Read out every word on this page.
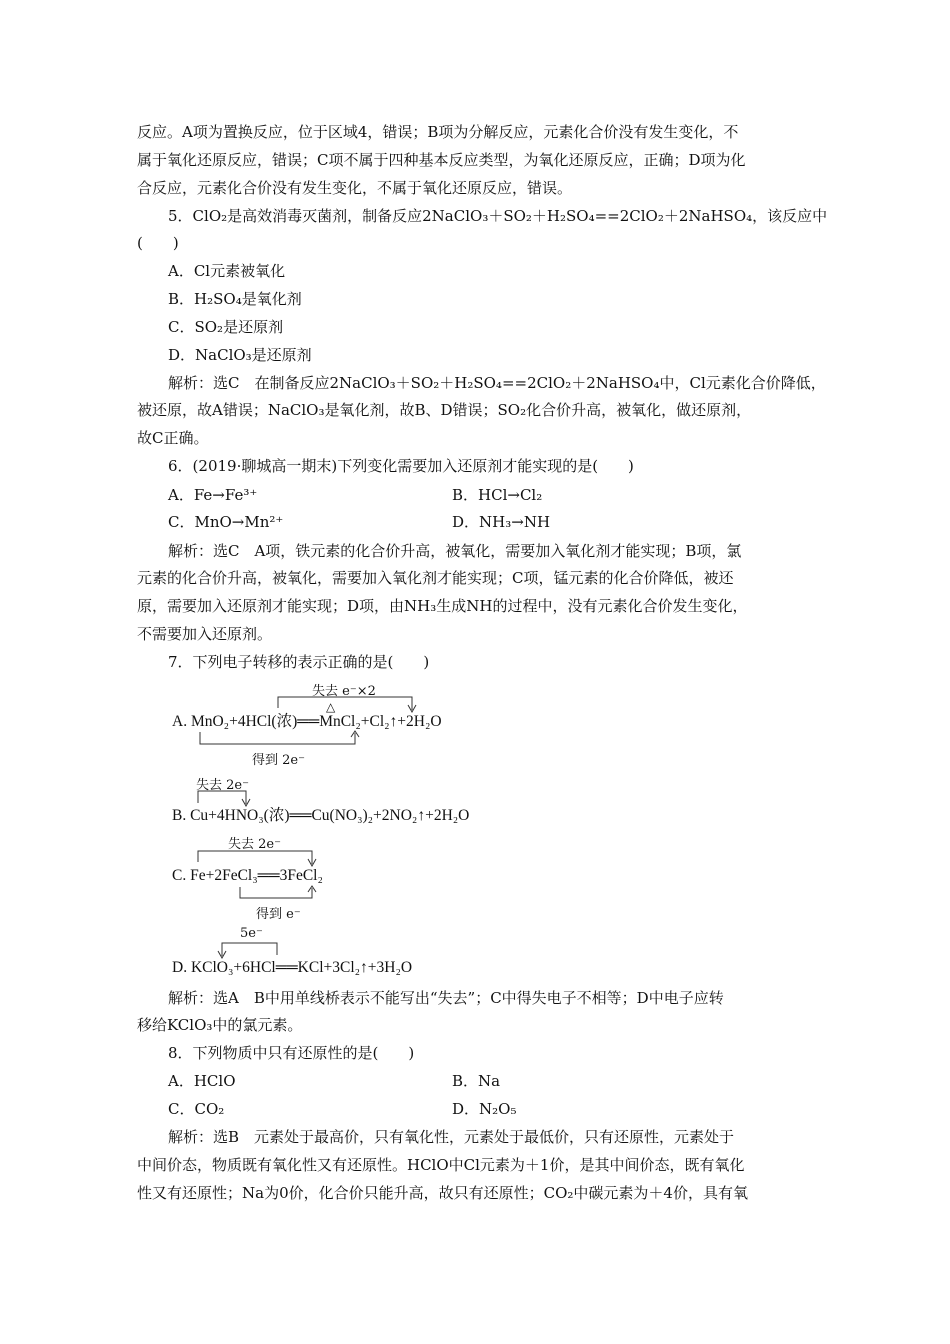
反应。A项为置换反应，位于区域4，错误；B项为分解反应，元素化合价没有发生变化，不
属于氧化还原反应，错误；C项不属于四种基本反应类型，为氧化还原反应，正确；D项为化
合反应，元素化合价没有发生变化，不属于氧化还原反应，错误。
5．ClO₂是高效消毒灭菌剂，制备反应2NaClO₃＋SO₂＋H₂SO₄==2ClO₂＋2NaHSO₄，该反应中
(　　)
A．Cl元素被氧化
B．H₂SO₄是氧化剂
C．SO₂是还原剂
D．NaClO₃是还原剂
解析：选C　在制备反应2NaClO₃＋SO₂＋H₂SO₄==2ClO₂＋2NaHSO₄中，Cl元素化合价降低，
被还原，故A错误；NaClO₃是氧化剂，故B、D错误；SO₂化合价升高，被氧化，做还原剂，
故C正确。
6．(2019·聊城高一期末)下列变化需要加入还原剂才能实现的是(　　)
A．Fe→Fe³⁺	B．HCl→Cl₂
C．MnO→Mn²⁺	D．NH₃→NH
解析：选C　A项，铁元素的化合价升高，被氧化，需要加入氧化剂才能实现；B项，氯
元素的化合价升高，被氧化，需要加入氧化剂才能实现；C项，锰元素的化合价降低，被还
原，需要加入还原剂才能实现；D项，由NH₃生成NH的过程中，没有元素化合价发生变化，
不需要加入还原剂。
7．下列电子转移的表示正确的是(　　)
失去 e⁻×2
△
A. MnO₂+4HCl(浓)══MnCl₂+Cl₂↑+2H₂O
得到 2e⁻
失去 2e⁻
B. Cu+4HNO₃(浓)══Cu(NO₃)₂+2NO₂↑+2H₂O
失去 2e⁻
C. Fe+2FeCl₃══3FeCl₂
得到 e⁻
5e⁻
D. KClO₃+6HCl══KCl+3Cl₂↑+3H₂O
解析：选A　B中用单线桥表示不能写出“失去”；C中得失电子不相等；D中电子应转
移给KClO₃中的氯元素。
8．下列物质中只有还原性的是(　　)
A．HClO	B．Na
C．CO₂	D．N₂O₅
解析：选B　元素处于最高价，只有氧化性，元素处于最低价，只有还原性，元素处于
中间价态，物质既有氧化性又有还原性。HClO中Cl元素为＋1价，是其中间价态，既有氧化
性又有还原性；Na为0价，化合价只能升高，故只有还原性；CO₂中碳元素为＋4价，具有氧
